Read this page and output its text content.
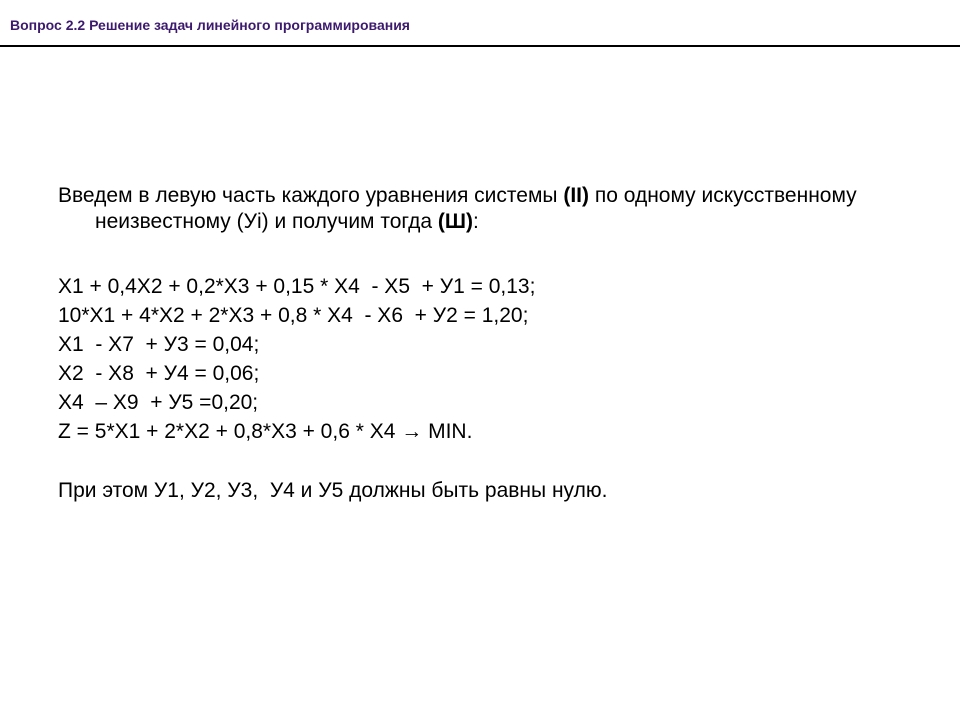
Вопрос 2.2 Решение задач линейного программирования

Введем в левую часть каждого уравнения системы (II) по одному искусственному неизвестному (Уi) и получим тогда (Ш):

Х1 + 0,4Х2 + 0,2*Х3 + 0,15 * Х4  - Х5  + У1 = 0,13;
10*Х1 + 4*Х2 + 2*Х3 + 0,8 * Х4  - Х6  + У2 = 1,20;
Х1  - Х7  + У3 = 0,04;
Х2  - Х8  + У4 = 0,06;
Х4  – Х9  + У5 =0,20;
Z = 5*Х1 + 2*Х2 + 0,8*Х3 + 0,6 * Х4 → MIN.
При этом У1, У2, У3,  У4 и У5 должны быть равны нулю.
